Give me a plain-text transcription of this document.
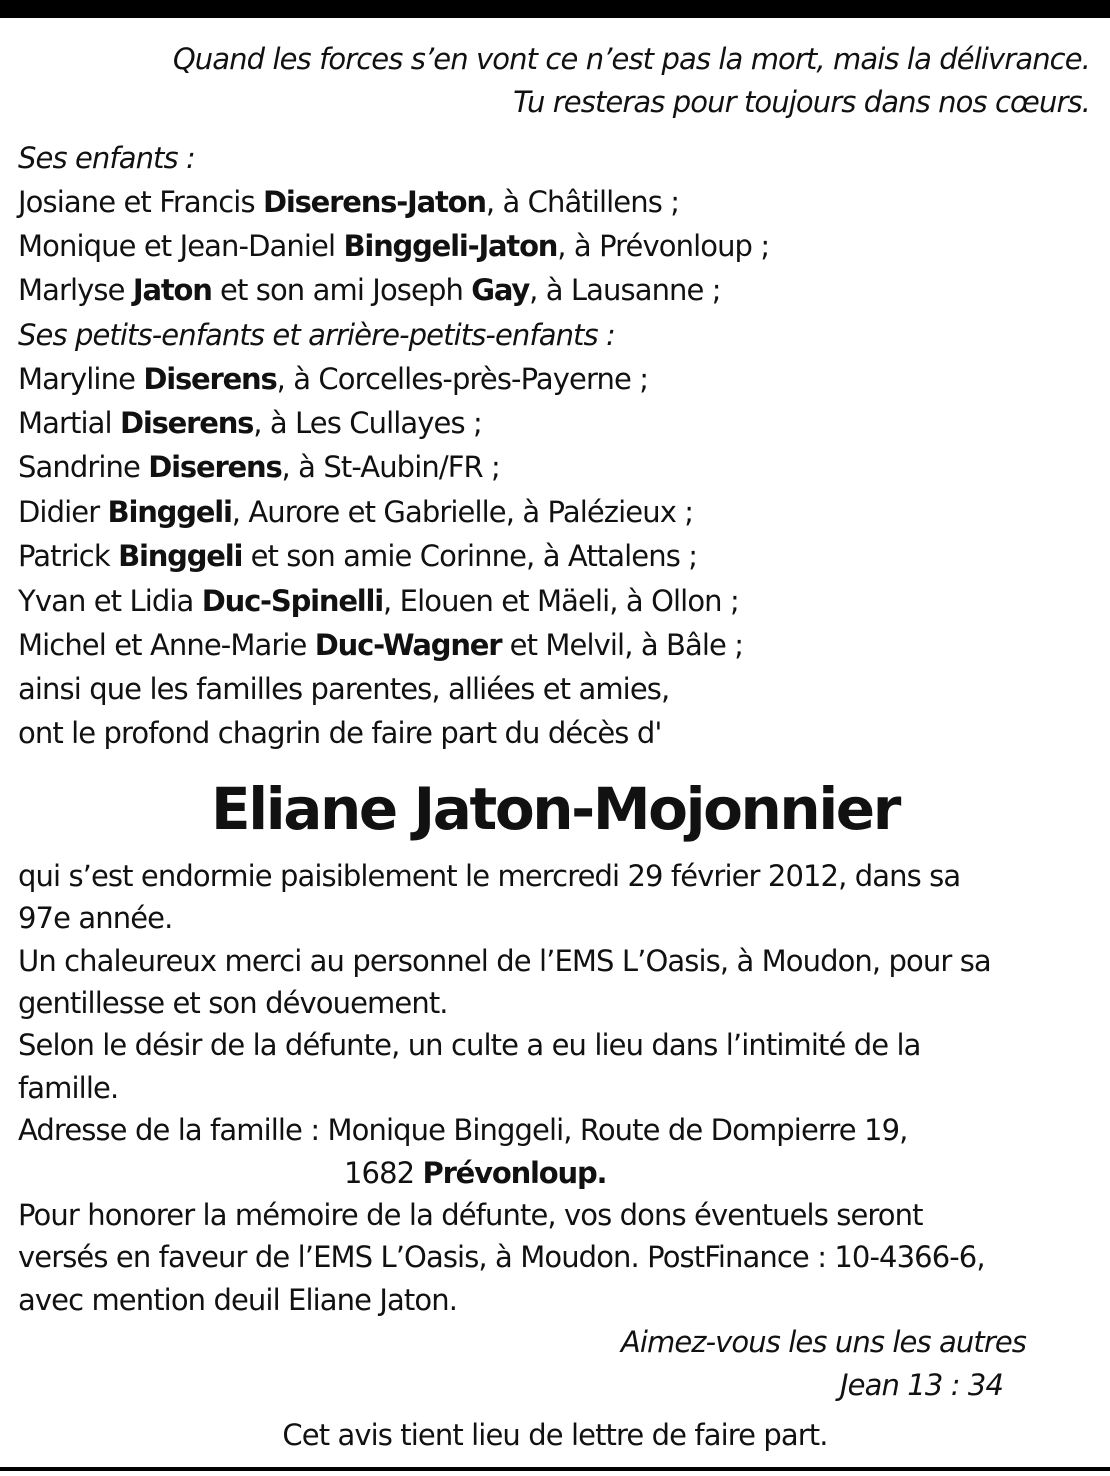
Quand les forces s’en vont ce n’est pas la mort, mais la délivrance.
Tu resteras pour toujours dans nos cœurs.
Ses enfants :
Josiane et Francis Diserens-Jaton, à Châtillens ;
Monique et Jean-Daniel Binggeli-Jaton, à Prévonloup ;
Marlyse Jaton et son ami Joseph Gay, à Lausanne ;
Ses petits-enfants et arrière-petits-enfants :
Maryline Diserens, à Corcelles-près-Payerne ;
Martial Diserens, à Les Cullayes ;
Sandrine Diserens, à St-Aubin/FR ;
Didier Binggeli, Aurore et Gabrielle, à Palézieux ;
Patrick Binggeli et son amie Corinne, à Attalens ;
Yvan et Lidia Duc-Spinelli, Elouen et Mäeli, à Ollon ;
Michel et Anne-Marie Duc-Wagner et Melvil, à Bâle ;
ainsi que les familles parentes, alliées et amies,
ont le profond chagrin de faire part du décès d'
Eliane Jaton-Mojonnier
qui s’est endormie paisiblement le mercredi 29 février 2012, dans sa
97e année.
Un chaleureux merci au personnel de l’EMS L’Oasis, à Moudon, pour sa
gentillesse et son dévouement.
Selon le désir de la défunte, un culte a eu lieu dans l’intimité de la
famille.
Adresse de la famille : Monique Binggeli, Route de Dompierre 19,
1682 Prévonloup.
Pour honorer la mémoire de la défunte, vos dons éventuels seront
versés en faveur de l’EMS L’Oasis, à Moudon. PostFinance : 10-4366-6,
avec mention deuil Eliane Jaton.
Aimez-vous les uns les autres
Jean 13 : 34
Cet avis tient lieu de lettre de faire part.
